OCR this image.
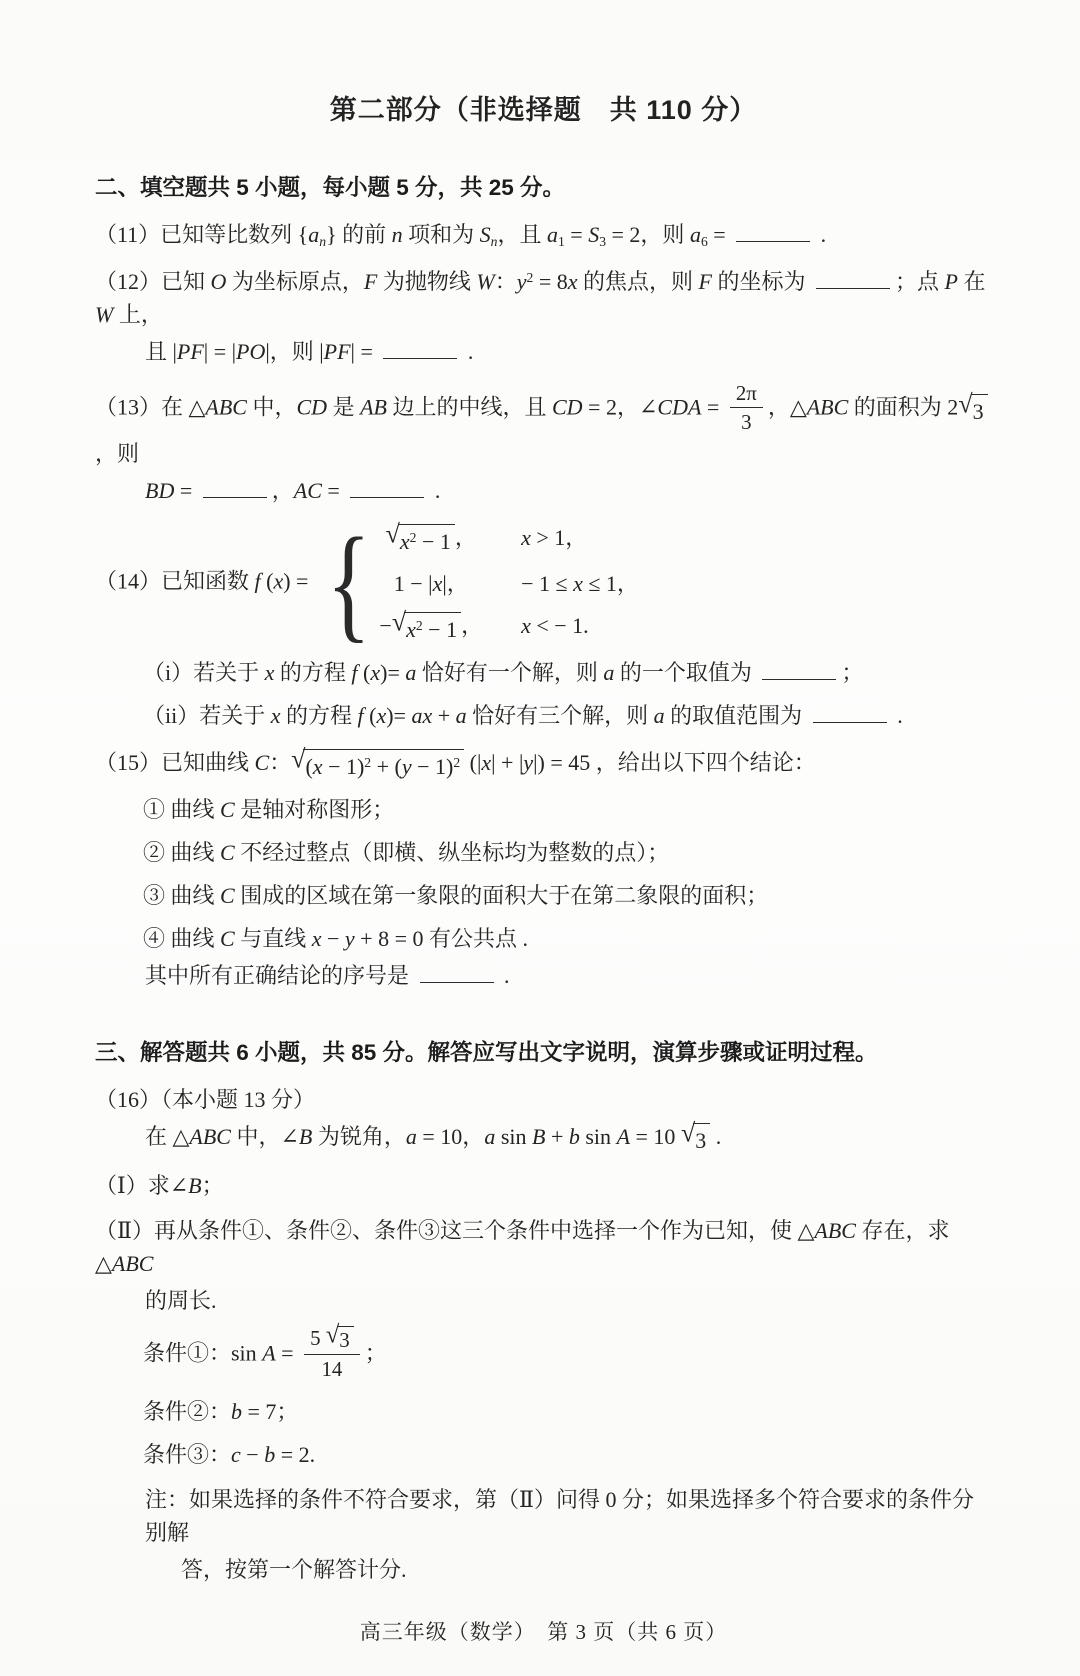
第二部分（非选择题　共 110 分）
二、填空题共 5 小题，每小题 5 分，共 25 分。
（11）已知等比数列 $\{a_n\}$ 的前 n 项和为 $S_n$，且 $a_1 = S_3 = 2$，则 $a_6$ =	.
（12）已知 O 为坐标原点，F 为抛物线 W：$y^2 = 8x$ 的焦点，则 F 的坐标为	；点 P 在 W 上，
且 |PF| = |PO|，则 |PF| =	.
（13）在 △ABC 中，CD 是 AB 边上的中线，且 CD = 2，∠CDA = $\frac{2\pi}{3}$ ，△ABC 的面积为 2 √ 3
，则
BD =	，AC =	.
（14）已知函数 f (x) = { √ $x^2 - 1$ ， x > 1，
1 − |x|，	− 1 ≤ x ≤ 1，
− √ $x^2 - 1$ ， x < − 1.
（i）若关于 x 的方程 f (x)= a 恰好有一个解，则 a 的一个取值为	；
（ii）若关于 x 的方程 f (x)= ax + a 恰好有三个解，则 a 的取值范围为	.
（15）已知曲线 C： √ $(x - 1)^2 + (y - 1)^2$ (|x| + |y|) = 45 ，给出以下四个结论：
① 曲线 C 是轴对称图形；
② 曲线 C 不经过整点（即横、纵坐标均为整数的点）；
③ 曲线 C 围成的区域在第一象限的面积大于在第二象限的面积；
④ 曲线 C 与直线 x − y + 8 = 0 有公共点 .
其中所有正确结论的序号是	.
三、解答题共 6 小题，共 85 分。解答应写出文字说明，演算步骤或证明过程。
（16）（本小题 13 分）
在 △ABC 中，∠B 为锐角，a = 10，a sin B + b sin A = 10 √ 3 .
（Ⅰ）求∠B；
（Ⅱ）再从条件①、条件②、条件③这三个条件中选择一个作为已知，使 △ABC 存在，求 △ABC
的周长.
条件①：$\sin A = \frac{5 √ 3}{14}$ ；
条件②：b = 7；
条件③：c − b = 2.
注：如果选择的条件不符合要求，第（Ⅱ）问得 0 分；如果选择多个符合要求的条件分别解
答，按第一个解答计分.
高三年级（数学）　第 3 页（共 6 页）
